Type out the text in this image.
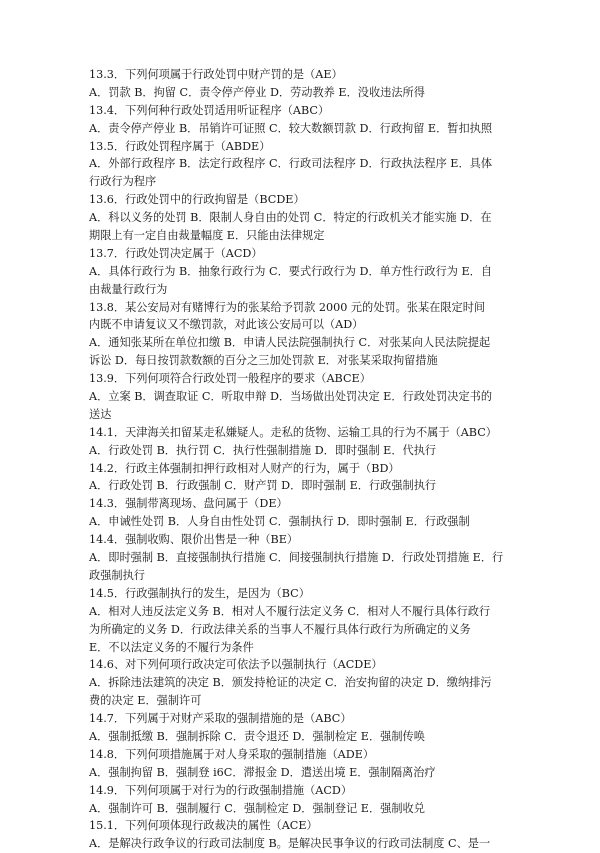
13.3．下列何项属于行政处罚中财产罚的是（AE）
A．罚款 B．拘留 C．责令停产停业 D．劳动教养 E．没收违法所得
13.4．下列何种行政处罚适用听证程序（ABC）
A．责令停产停业 B．吊销许可证照 C．较大数额罚款 D．行政拘留 E．暂扣执照
13.5．行政处罚程序属于（ABDE）
A．外部行政程序 B．法定行政程序 C．行政司法程序 D．行政执法程序 E．具体
行政行为程序
13.6．行政处罚中的行政拘留是（BCDE）
A．科以义务的处罚 B．限制人身自由的处罚 C．特定的行政机关才能实施 D．在
期限上有一定自由裁量幅度 E．只能由法律规定
13.7．行政处罚决定属于（ACD）
A．具体行政行为 B．抽象行政行为 C．要式行政行为 D．单方性行政行为 E．自
由裁量行政行为
13.8．某公安局对有赌博行为的张某给予罚款 2000 元的处罚。张某在限定时间
内既不申请复议又不缴罚款，对此该公安局可以（AD）
A．通知张某所在单位扣缴 B．申请人民法院强制执行 C．对张某向人民法院提起
诉讼 D．每日按罚款数额的百分之三加处罚款 E．对张某采取拘留措施
13.9．下列何项符合行政处罚一般程序的要求（ABCE）
A．立案 B．调查取证 C．听取申辩 D．当场做出处罚决定 E．行政处罚决定书的
送达
14.1．天津海关扣留某走私嫌疑人。走私的货物、运输工具的行为不属于（ABC）
A．行政处罚 B．执行罚 C．执行性强制措施 D．即时强制 E．代执行
14.2．行政主体强制扣押行政相对人财产的行为，属于（BD）
A．行政处罚 B．行政强制 C．财产罚 D．即时强制 E．行政强制执行
14.3．强制带离现场、盘问属于（DE）
A．申诫性处罚 B．人身自由性处罚 C．强制执行 D．即时强制 E．行政强制
14.4．强制收购、限价出售是一种（BE）
A．即时强制 B．直接强制执行措施 C．间接强制执行措施 D．行政处罚措施 E．行
政强制执行
14.5．行政强制执行的发生，是因为（BC）
A．相对人违反法定义务 B．相对人不履行法定义务 C．相对人不履行具体行政行
为所确定的义务 D．行政法律关系的当事人不履行具体行政行为所确定的义务
E．不以法定义务的不履行为条件
14.6、对下列何项行政决定可依法予以强制执行（ACDE）
A．拆除违法建筑的决定 B．颁发持枪证的决定 C．治安拘留的决定 D．缴纳排污
费的决定 E．强制许可
14.7．下列属于对财产采取的强制措施的是（ABC）
A．强制抵缴 B．强制拆除 C．责令退还 D．强制检定 E．强制传唤
14.8．下列何项措施属于对人身采取的强制措施（ADE）
A．强制拘留 B．强制登 i6C．滞报金 D．遣送出境 E．强制隔离治疗
14.9．下列何项属于对行为的行政强制措施（ACD）
A．强制许可 B．强制履行 C．强制检定 D．强制登记 E．强制收兑
15.1．下列何项体现行政裁决的属性（ACE）
A．是解决行政争议的行政司法制度 B。是解决民事争议的行政司法制度 C、是一
